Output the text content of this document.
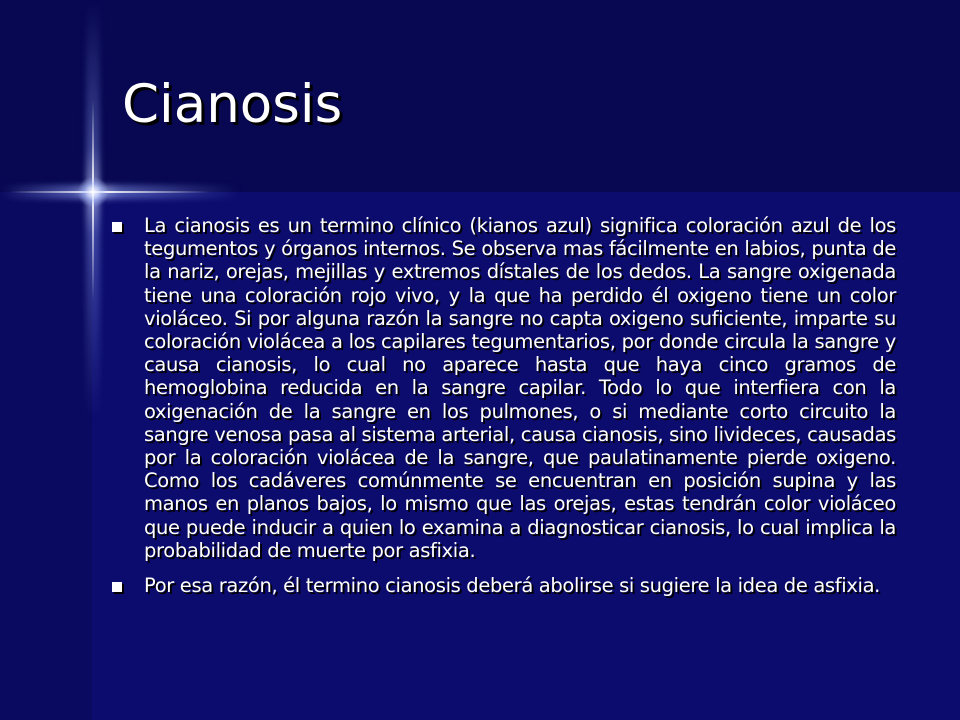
Cianosis

La cianosis es un termino clínico (kianos azul) significa coloración azul de los tegumentos y órganos internos. Se observa mas fácilmente en labios, punta de la nariz, orejas, mejillas y extremos dístales de los dedos. La sangre oxigenada tiene una coloración rojo vivo, y la que ha perdido él oxigeno tiene un color violáceo. Si por alguna razón la sangre no capta oxigeno suficiente, imparte su coloración violácea a los capilares tegumentarios, por donde circula la sangre y causa cianosis, lo cual no aparece hasta que haya cinco gramos de hemoglobina reducida en la sangre capilar. Todo lo que interfiera con la oxigenación de la sangre en los pulmones, o si mediante corto circuito la sangre venosa pasa al sistema arterial, causa cianosis, sino livideces, causadas por la coloración violácea de la sangre, que paulatinamente pierde oxigeno. Como los cadáveres comúnmente se encuentran en posición supina y las manos en planos bajos, lo mismo que las orejas, estas tendrán color violáceo que puede inducir a quien lo examina a diagnosticar cianosis, lo cual implica la probabilidad de muerte por asfixia.

Por esa razón, él termino cianosis deberá abolirse si sugiere la idea de asfixia.
